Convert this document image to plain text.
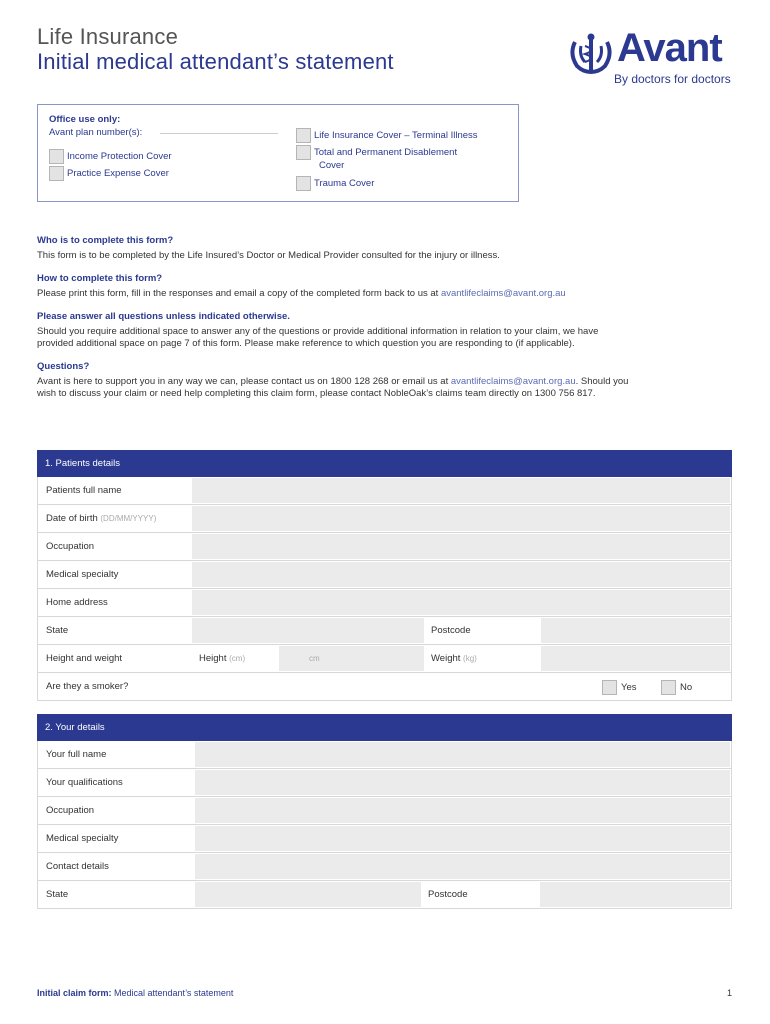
Life Insurance
Initial medical attendant’s statement	Avant
By doctors for doctors
Office use only:
Avant plan number(s):
Income Protection Cover
Practice Expense Cover
Life Insurance Cover – Terminal Illness
Total and Permanent Disablement
Cover
Trauma Cover
Who is to complete this form?
This form is to be completed by the Life Insured’s Doctor or Medical Provider consulted for the injury or illness.
How to complete this form?
Please print this form, fill in the responses and email a copy of the completed form back to us at avantlifeclaims@avant.org.au
Please answer all questions unless indicated otherwise.
Should you require additional space to answer any of the questions or provide additional information in relation to your claim, we have
provided additional space on page 7 of this form. Please make reference to which question you are responding to (if applicable).
Questions?
Avant is here to support you in any way we can, please contact us on 1800 128 268 or email us at avantlifeclaims@avant.org.au. Should you
wish to discuss your claim or need help completing this claim form, please contact NobleOak’s claims team directly on 1300 756 817.
1. Patients details
Patients full name
Date of birth (DD/MM/YYYY)
Occupation
Medical specialty
Home address
State	Postcode
Height and weight	Height (cm)	cm	Weight (kg)
Are they a smoker?	Yes	No
2. Your details
Your full name
Your qualifications
Occupation
Medical specialty
Contact details
State	Postcode
Initial claim form: Medical attendant’s statement	1
